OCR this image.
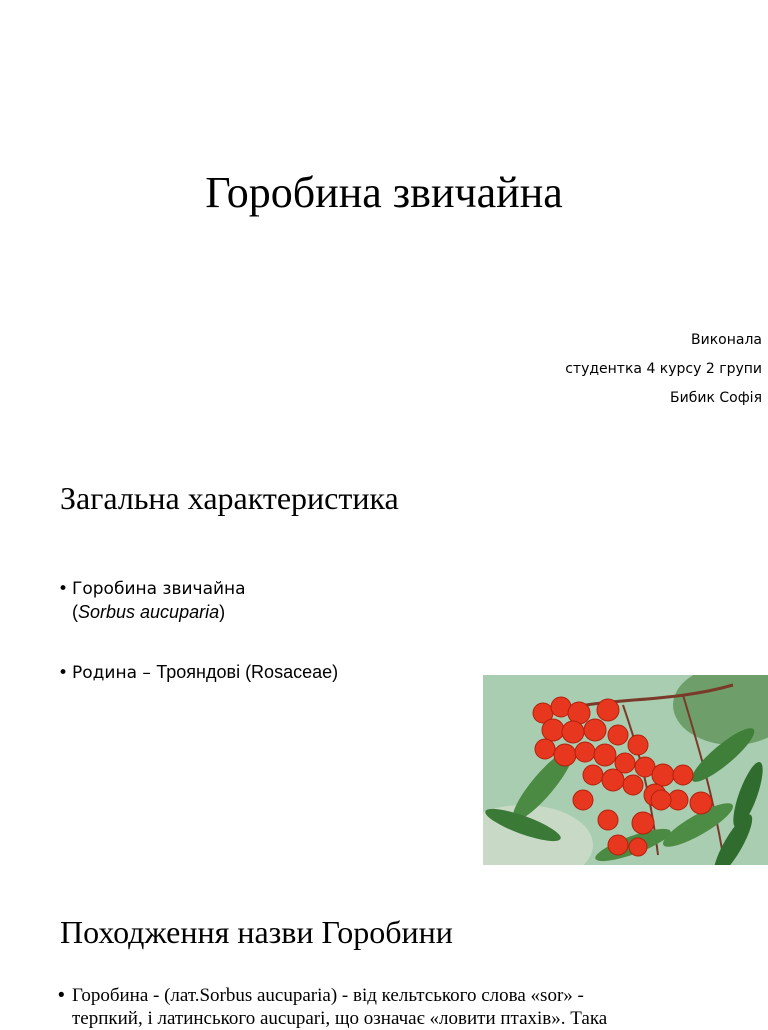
Горобина звичайна
Виконала
студентка 4 курсу 2 групи
Бибик Софія
Загальна характеристика
• Горобина звичайна
(Sorbus aucuparia)
• Родина – Трояндові (Rosaceae)
Походження назви Горобини
• Горобина - (лат.Sorbus aucuparia) - від кельтського слова «sor» -
терпкий, і латинського aucupari, що означає «ловити птахів». Така
